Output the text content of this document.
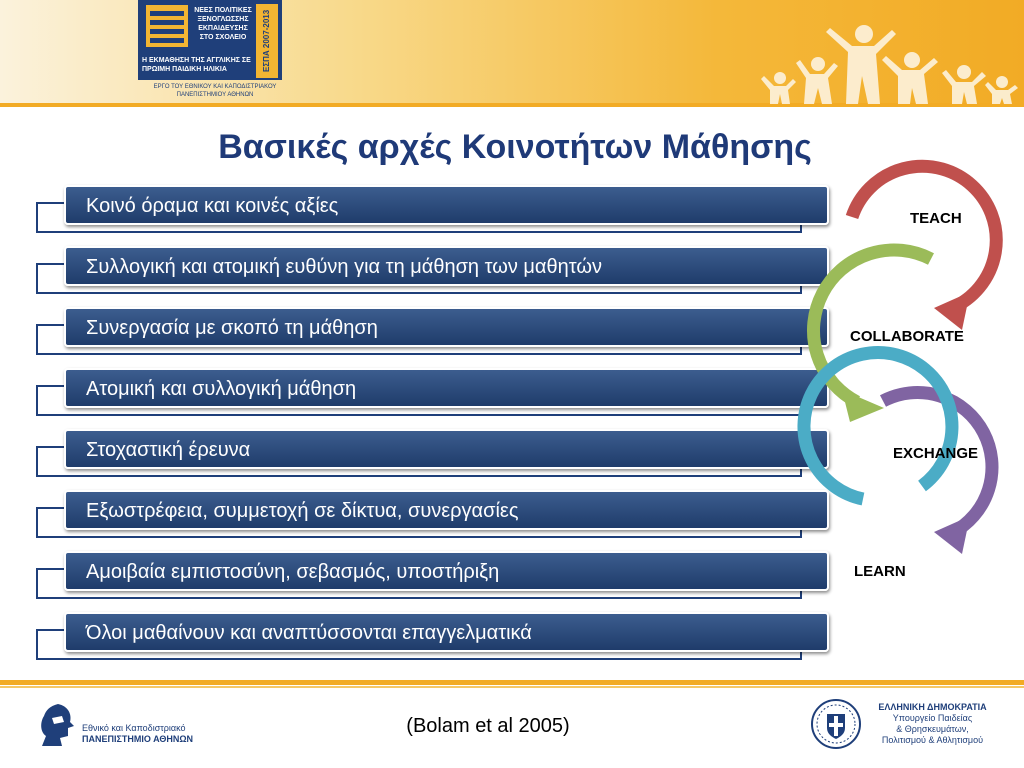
ΝΕΕΣ ΠΟΛΙΤΙΚΕΣ
ΞΕΝΟΓΛΩΣΣΗΣ
ΕΚΠΑΙΔΕΥΣΗΣ
ΣΤΟ ΣΧΟΛΕΙΟ	ΕΣΠΑ 2007-2013
Η ΕΚΜΑΘΗΣΗ ΤΗΣ ΑΓΓΛΙΚΗΣ ΣΕ
ΠΡΩΙΜΗ ΠΑΙΔΙΚΗ ΗΛΙΚΙΑ
ΕΡΓΟ ΤΟΥ ΕΘΝΙΚΟΥ ΚΑΙ ΚΑΠΟΔΙΣΤΡΙΑΚΟΥ
ΠΑΝΕΠΙΣΤΗΜΙΟΥ ΑΘΗΝΩΝ
Βασικές αρχές Κοινοτήτων Μάθησης
Κοινό όραμα και κοινές αξίες
Συλλογική και ατομική ευθύνη για τη μάθηση των μαθητών
Συνεργασία με σκοπό τη μάθηση
Ατομική και συλλογική μάθηση
Στοχαστική έρευνα
Εξωστρέφεια, συμμετοχή σε δίκτυα, συνεργασίες
Αμοιβαία εμπιστοσύνη, σεβασμός, υποστήριξη
Όλοι μαθαίνουν και αναπτύσσονται επαγγελματικά
TEACH
COLLABORATE
EXCHANGE
LEARN
Εθνικό και Καποδιστριακό
ΠΑΝΕΠΙΣΤΗΜΙΟ ΑΘΗΝΩΝ
(Bolam et al 2005)
ΕΛΛΗΝΙΚΗ ΔΗΜΟΚΡΑΤΙΑ
Υπουργείο Παιδείας
& Θρησκευμάτων,
Πολιτισμού & Αθλητισμού
